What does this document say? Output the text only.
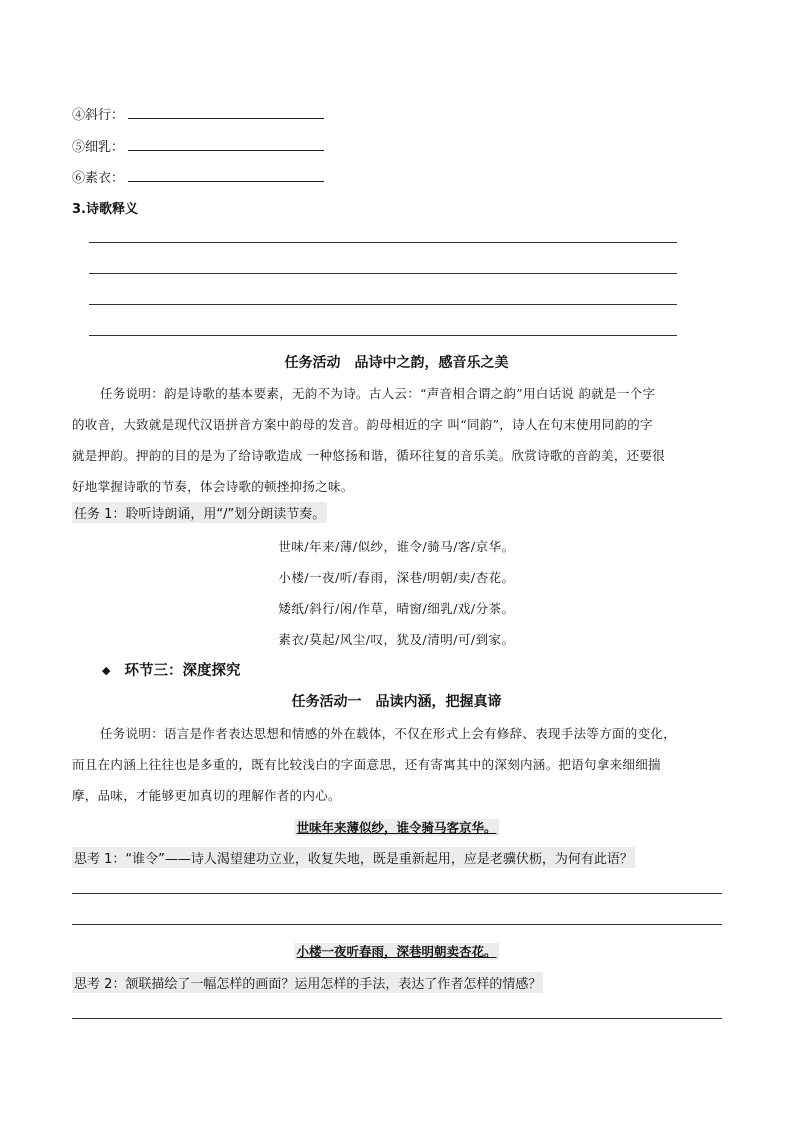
④斜行：
⑤细乳：
⑥素衣：
3.诗歌释义
任务活动　品诗中之韵，感音乐之美
任务说明：韵是诗歌的基本要素，无韵不为诗。古人云：“声音相合谓之韵”用白话说 韵就是一个字
的收音，大致就是现代汉语拼音方案中韵母的发音。韵母相近的字 叫“同韵”，诗人在句末使用同韵的字
就是押韵。押韵的目的是为了给诗歌造成 一种悠扬和谐，循环往复的音乐美。欣赏诗歌的音韵美，还要很
好地掌握诗歌的节奏，体会诗歌的顿挫抑扬之味。
任务 1：聆听诗朗诵，用“/”划分朗读节奏。
世味/年来/薄/似纱，谁令/骑马/客/京华。
小楼/一夜/听/春雨，深巷/明朝/卖/杏花。
矮纸/斜行/闲/作草，晴窗/细乳/戏/分茶。
素衣/莫起/风尘/叹，犹及/清明/可/到家。
◆ 环节三：深度探究
任务活动一　品读内涵，把握真谛
任务说明：语言是作者表达思想和情感的外在载体，不仅在形式上会有修辞、表现手法等方面的变化，
而且在内涵上往往也是多重的，既有比较浅白的字面意思，还有寄寓其中的深刻内涵。把语句拿来细细揣
摩，品味，才能够更加真切的理解作者的内心。
世味年来薄似纱，谁令骑马客京华。
思考 1：“谁令”——诗人渴望建功立业，收复失地，既是重新起用，应是老骥伏枥，为何有此语？
小楼一夜听春雨，深巷明朝卖杏花。
思考 2：颔联描绘了一幅怎样的画面？运用怎样的手法，表达了作者怎样的情感？
